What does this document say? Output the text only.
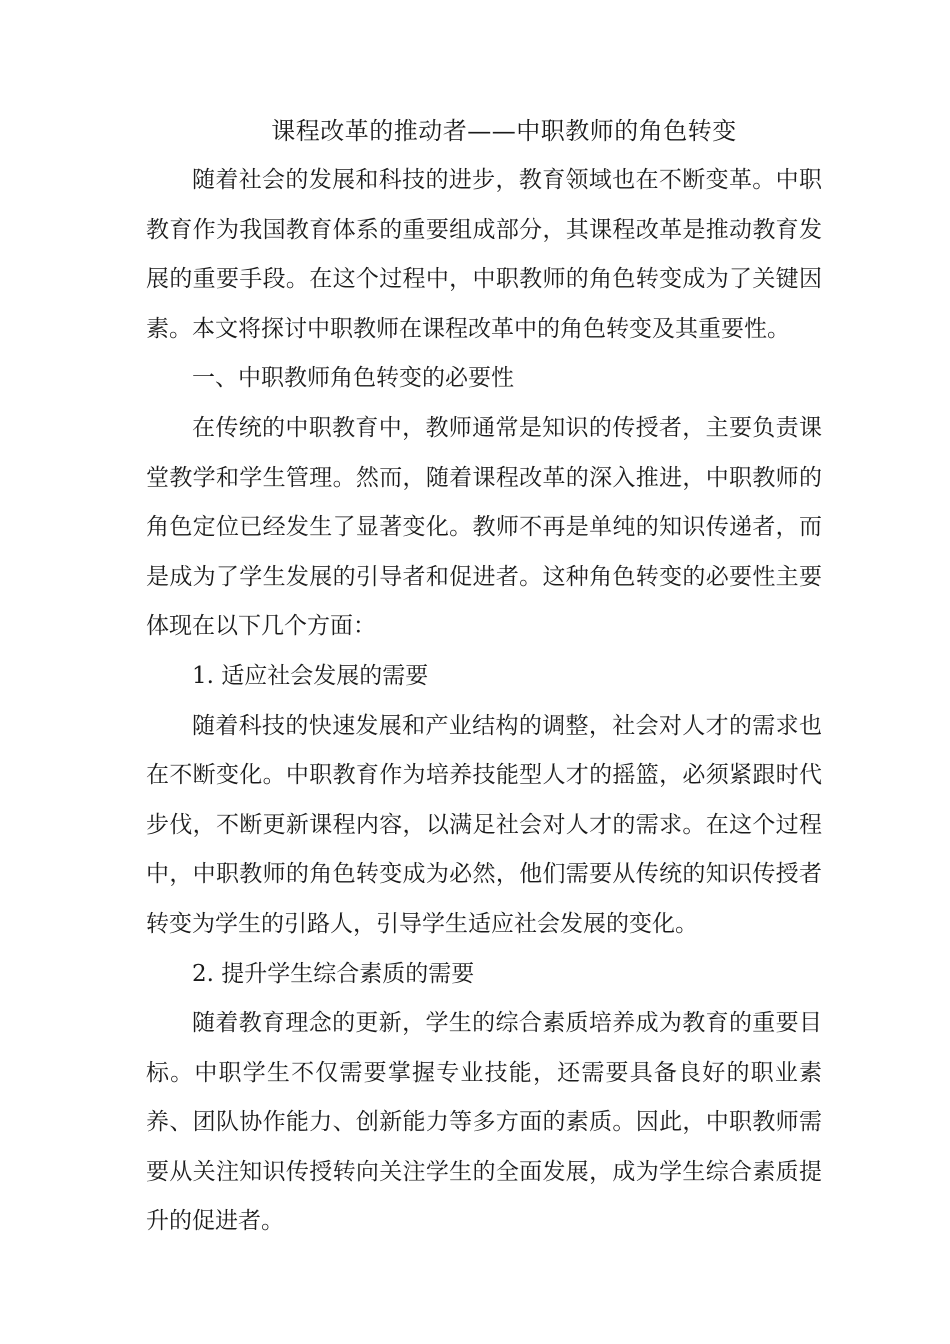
课程改革的推动者——中职教师的角色转变

随着社会的发展和科技的进步，教育领域也在不断变革。中职教育作为我国教育体系的重要组成部分，其课程改革是推动教育发展的重要手段。在这个过程中，中职教师的角色转变成为了关键因素。本文将探讨中职教师在课程改革中的角色转变及其重要性。

一、中职教师角色转变的必要性

在传统的中职教育中，教师通常是知识的传授者，主要负责课堂教学和学生管理。然而，随着课程改革的深入推进，中职教师的角色定位已经发生了显著变化。教师不再是单纯的知识传递者，而是成为了学生发展的引导者和促进者。这种角色转变的必要性主要体现在以下几个方面：

1. 适应社会发展的需要

随着科技的快速发展和产业结构的调整，社会对人才的需求也在不断变化。中职教育作为培养技能型人才的摇篮，必须紧跟时代步伐，不断更新课程内容，以满足社会对人才的需求。在这个过程中，中职教师的角色转变成为必然，他们需要从传统的知识传授者转变为学生的引路人，引导学生适应社会发展的变化。

2. 提升学生综合素质的需要

随着教育理念的更新，学生的综合素质培养成为教育的重要目标。中职学生不仅需要掌握专业技能，还需要具备良好的职业素养、团队协作能力、创新能力等多方面的素质。因此，中职教师需要从关注知识传授转向关注学生的全面发展，成为学生综合素质提升的促进者。
